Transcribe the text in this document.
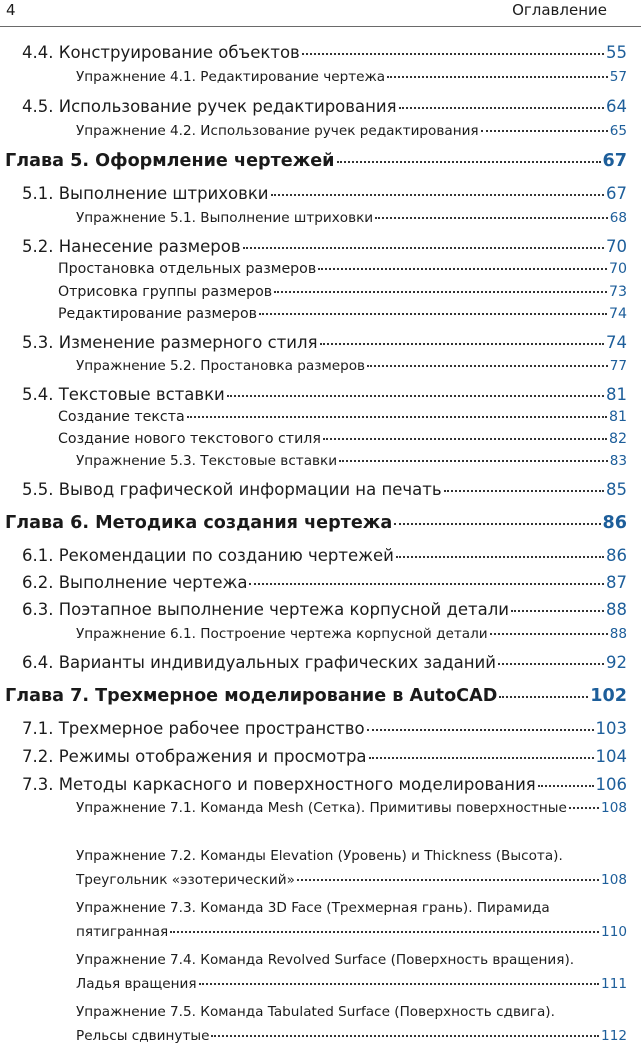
4	Оглавление
4.4. Конструирование объектов	55
Упражнение 4.1. Редактирование чертежа	57
4.5. Использование ручек редактирования	64
Упражнение 4.2. Использование ручек редактирования	65
Глава 5. Оформление чертежей	67
5.1. Выполнение штриховки	67
Упражнение 5.1. Выполнение штриховки	68
5.2. Нанесение размеров	70
Простановка отдельных размеров	70
Отрисовка группы размеров	73
Редактирование размеров	74
5.3. Изменение размерного стиля	74
Упражнение 5.2. Простановка размеров	77
5.4. Текстовые вставки	81
Создание текста	81
Создание нового текстового стиля	82
Упражнение 5.3. Текстовые вставки	83
5.5. Вывод графической информации на печать	85
Глава 6. Методика создания чертежа	86
6.1. Рекомендации по созданию чертежей	86
6.2. Выполнение чертежа	87
6.3. Поэтапное выполнение чертежа корпусной детали	88
Упражнение 6.1. Построение чертежа корпусной детали	88
6.4. Варианты индивидуальных графических заданий	92
Глава 7. Трехмерное моделирование в AutoCAD	102
7.1. Трехмерное рабочее пространство	103
7.2. Режимы отображения и просмотра	104
7.3. Методы каркасного и поверхностного моделирования	106
Упражнение 7.1. Команда Mesh (Сетка). Примитивы поверхностные	108
Упражнение 7.2. Команды Elevation (Уровень) и Thickness (Высота).
Треугольник «эзотерический»	108
Упражнение 7.3. Команда 3D Face (Трехмерная грань). Пирамида
пятигранная	110
Упражнение 7.4. Команда Revolved Surface (Поверхность вращения).
Ладья вращения	111
Упражнение 7.5. Команда Tabulated Surface (Поверхность сдвига).
Рельсы сдвинутые	112
